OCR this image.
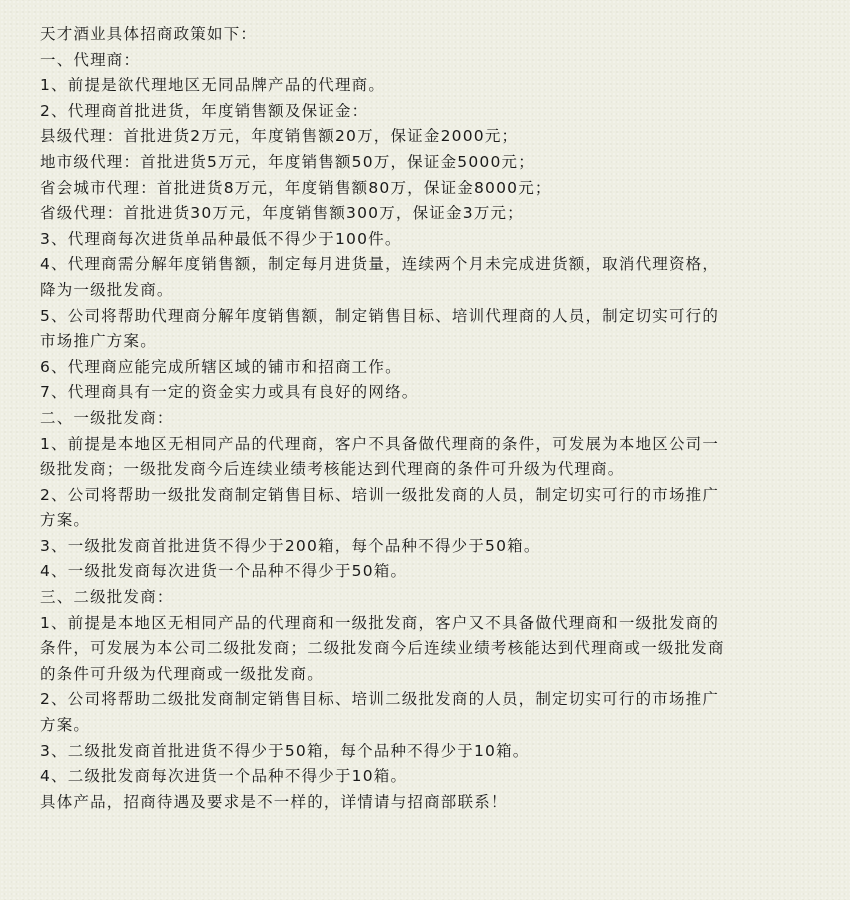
天才酒业具体招商政策如下：
一、代理商：
1、前提是欲代理地区无同品牌产品的代理商。
2、代理商首批进货，年度销售额及保证金：
县级代理：首批进货2万元，年度销售额20万，保证金2000元；
地市级代理：首批进货5万元，年度销售额50万，保证金5000元；
省会城市代理：首批进货8万元，年度销售额80万，保证金8000元；
省级代理：首批进货30万元，年度销售额300万，保证金3万元；
3、代理商每次进货单品种最低不得少于100件。
4、代理商需分解年度销售额，制定每月进货量，连续两个月未完成进货额，取消代理资格，
降为一级批发商。
5、公司将帮助代理商分解年度销售额，制定销售目标、培训代理商的人员，制定切实可行的
市场推广方案。
6、代理商应能完成所辖区域的铺市和招商工作。
7、代理商具有一定的资金实力或具有良好的网络。
二、一级批发商：
1、前提是本地区无相同产品的代理商，客户不具备做代理商的条件，可发展为本地区公司一
级批发商；一级批发商今后连续业绩考核能达到代理商的条件可升级为代理商。
2、公司将帮助一级批发商制定销售目标、培训一级批发商的人员，制定切实可行的市场推广
方案。
3、一级批发商首批进货不得少于200箱，每个品种不得少于50箱。
4、一级批发商每次进货一个品种不得少于50箱。
三、二级批发商：
1、前提是本地区无相同产品的代理商和一级批发商，客户又不具备做代理商和一级批发商的
条件，可发展为本公司二级批发商；二级批发商今后连续业绩考核能达到代理商或一级批发商
的条件可升级为代理商或一级批发商。
2、公司将帮助二级批发商制定销售目标、培训二级批发商的人员，制定切实可行的市场推广
方案。
3、二级批发商首批进货不得少于50箱，每个品种不得少于10箱。
4、二级批发商每次进货一个品种不得少于10箱。
具体产品，招商待遇及要求是不一样的，详情请与招商部联系！
